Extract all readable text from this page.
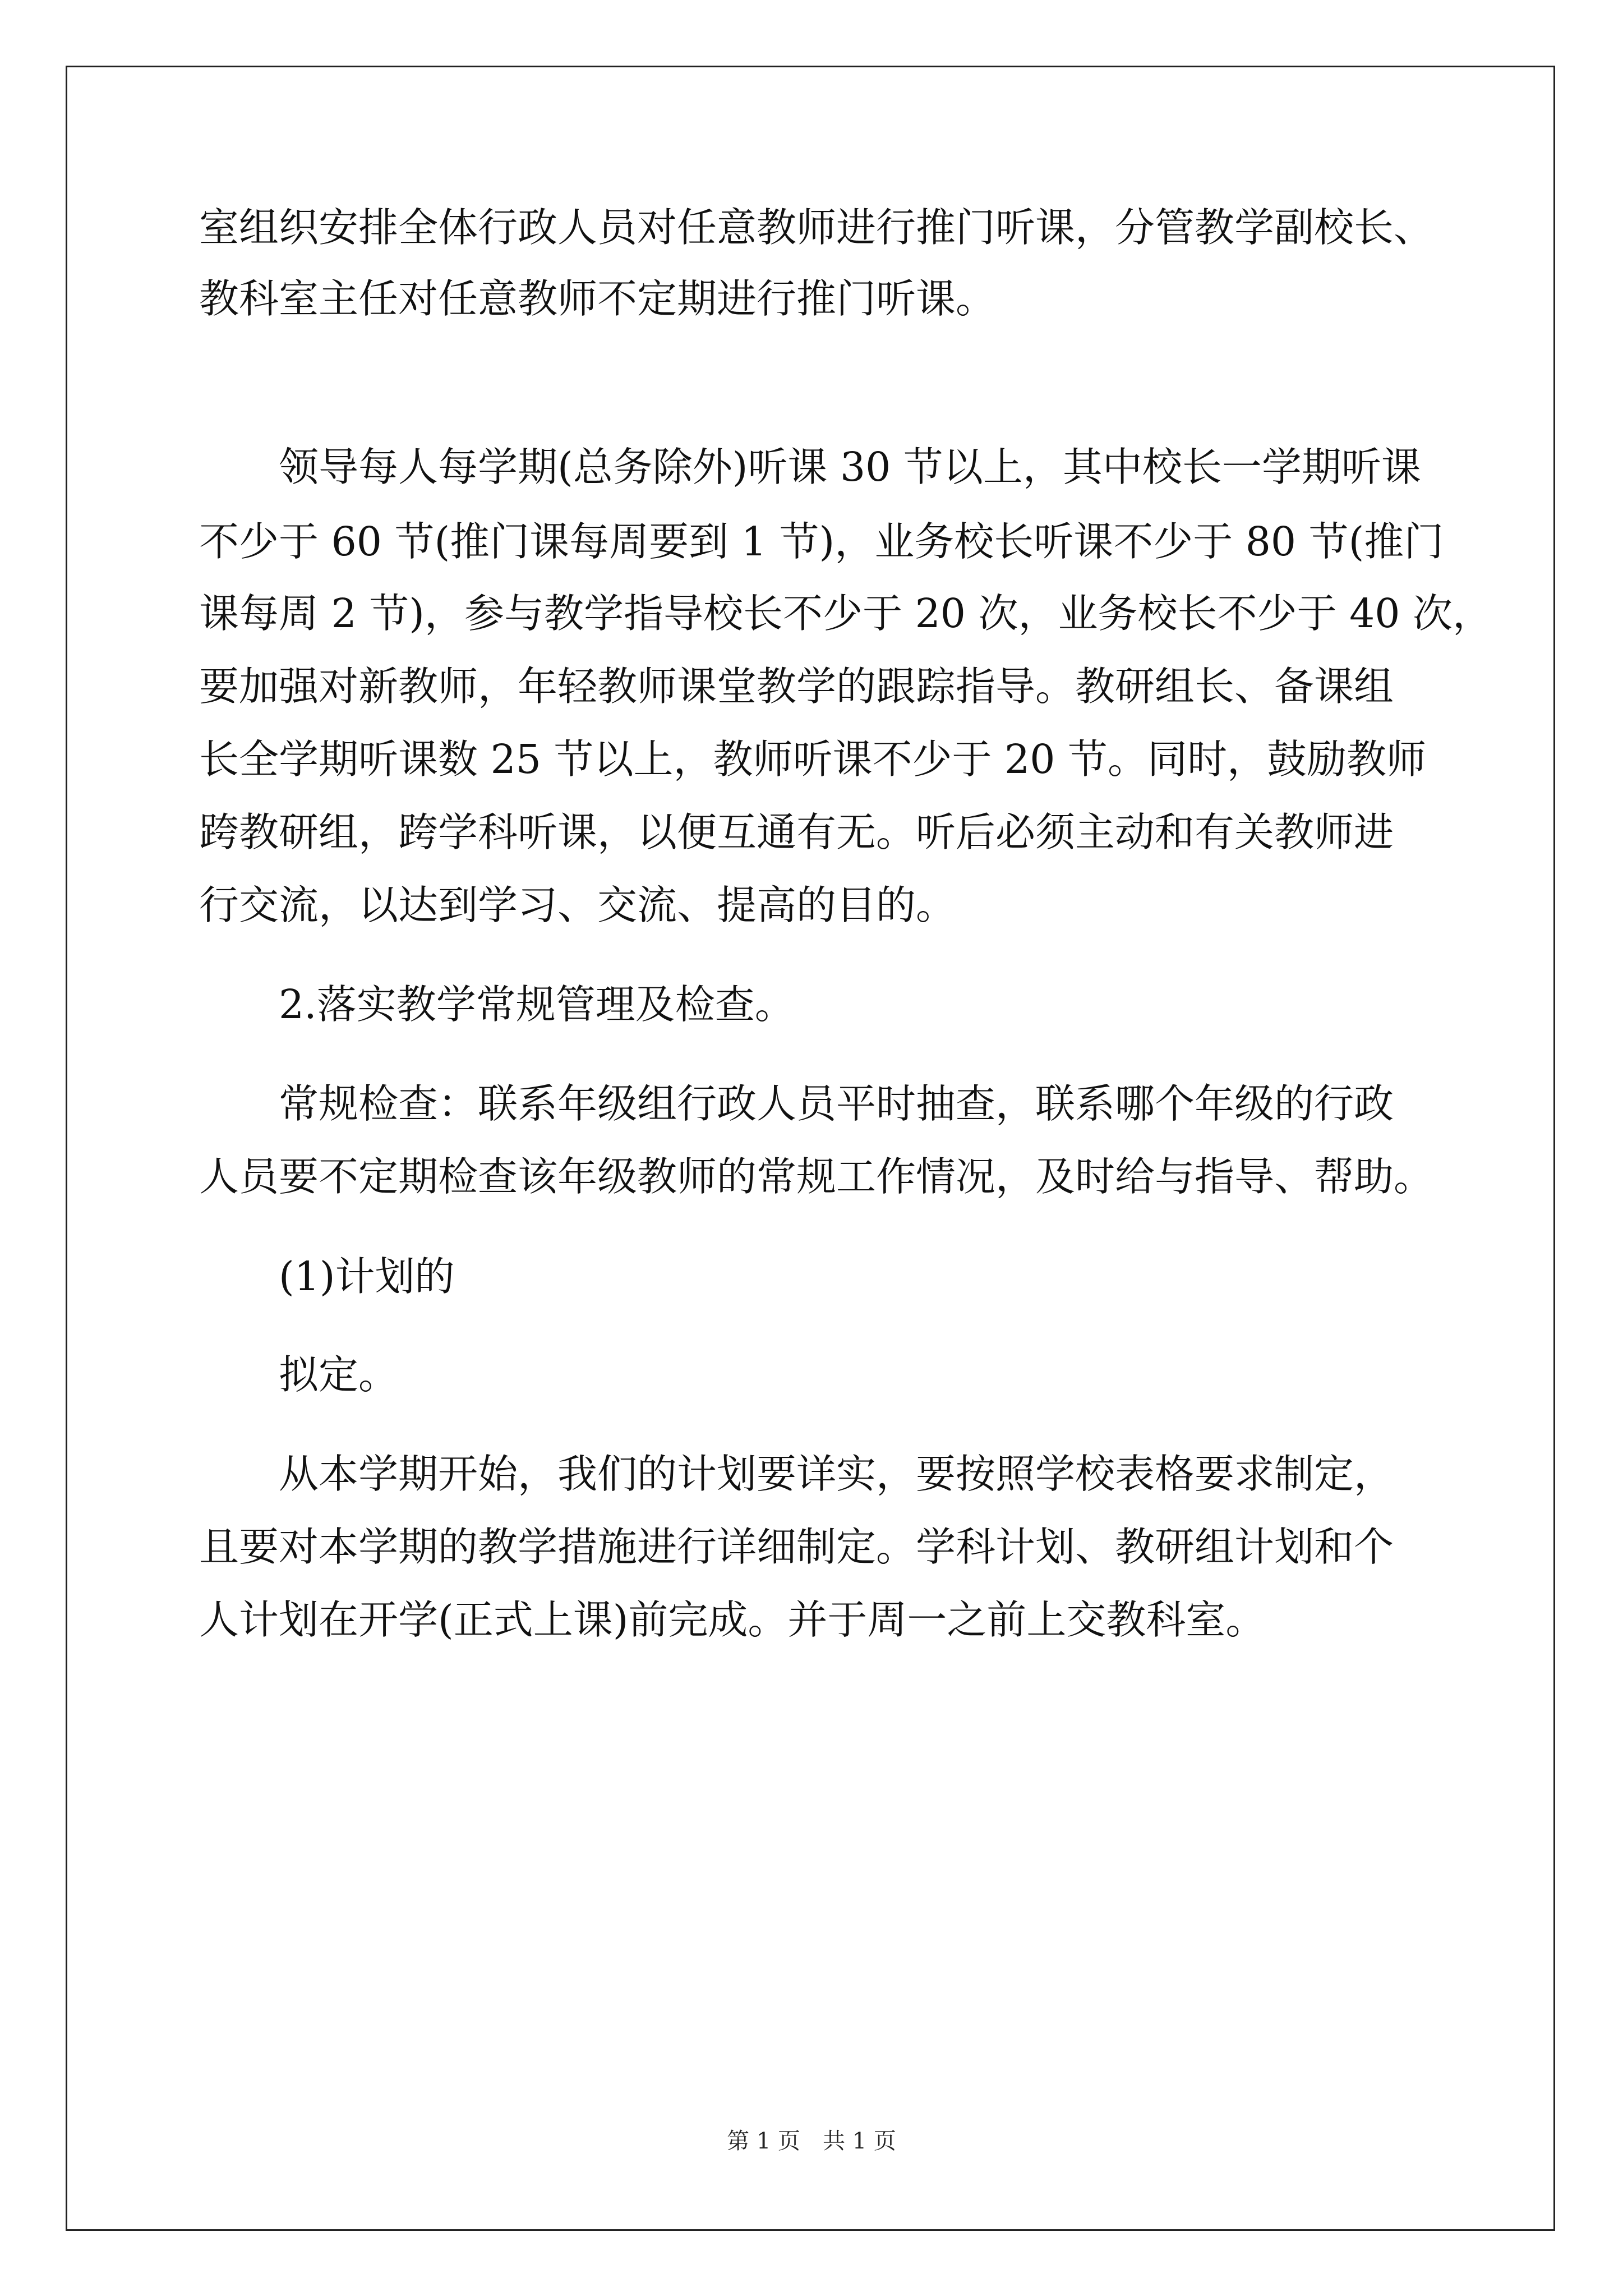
室组织安排全体行政人员对任意教师进行推门听课，分管教学副校长、
教科室主任对任意教师不定期进行推门听课。
领导每人每学期(总务除外)听课 30 节以上，其中校长一学期听课
不少于 60 节(推门课每周要到 1 节)，业务校长听课不少于 80 节(推门
课每周 2 节)，参与教学指导校长不少于 20 次，业务校长不少于 40 次，
要加强对新教师，年轻教师课堂教学的跟踪指导。教研组长、备课组
长全学期听课数 25 节以上，教师听课不少于 20 节。同时，鼓励教师
跨教研组，跨学科听课，以便互通有无。听后必须主动和有关教师进
行交流，以达到学习、交流、提高的目的。
2.落实教学常规管理及检查。
常规检查：联系年级组行政人员平时抽查，联系哪个年级的行政
人员要不定期检查该年级教师的常规工作情况，及时给与指导、帮助。
(1)计划的
拟定。
从本学期开始，我们的计划要详实，要按照学校表格要求制定，
且要对本学期的教学措施进行详细制定。学科计划、教研组计划和个
人计划在开学(正式上课)前完成。并于周一之前上交教科室。
第 1 页　共 1 页
